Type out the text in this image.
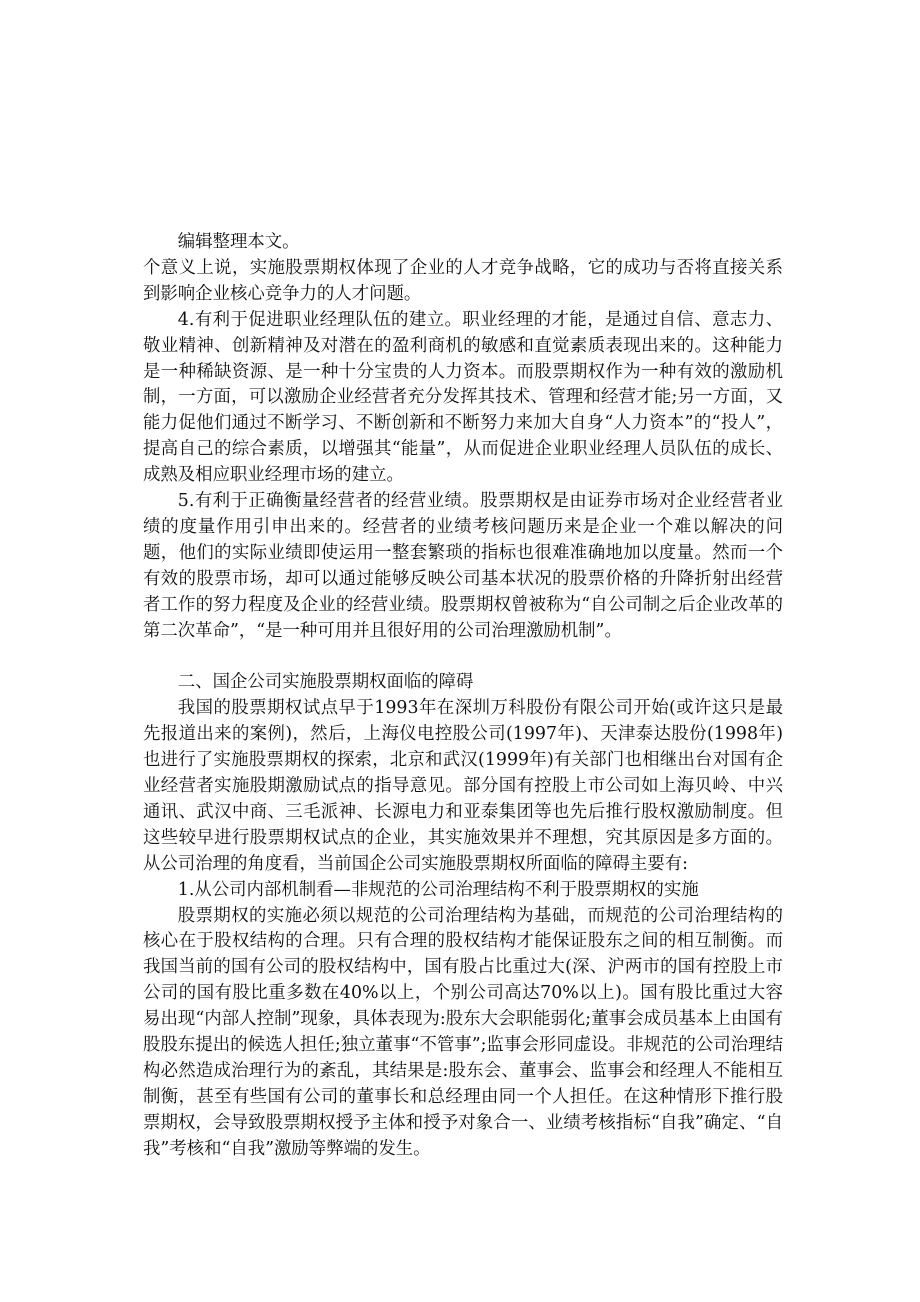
编辑整理本文。

个意义上说，实施股票期权体现了企业的人才竞争战略，它的成功与否将直接关系到影响企业核心竞争力的人才问题。

4.有利于促进职业经理队伍的建立。职业经理的才能，是通过自信、意志力、敬业精神、创新精神及对潜在的盈利商机的敏感和直觉素质表现出来的。这种能力是一种稀缺资源、是一种十分宝贵的人力资本。而股票期权作为一种有效的激励机制，一方面，可以激励企业经营者充分发挥其技术、管理和经营才能;另一方面，又能力促他们通过不断学习、不断创新和不断努力来加大自身“人力资本”的“投人”，提高自己的综合素质，以增强其“能量”，从而促进企业职业经理人员队伍的成长、成熟及相应职业经理市场的建立。

5.有利于正确衡量经营者的经营业绩。股票期权是由证券市场对企业经营者业绩的度量作用引申出来的。经营者的业绩考核问题历来是企业一个难以解决的问题，他们的实际业绩即使运用一整套繁琐的指标也很难准确地加以度量。然而一个有效的股票市场，却可以通过能够反映公司基本状况的股票价格的升降折射出经营者工作的努力程度及企业的经营业绩。股票期权曾被称为“自公司制之后企业改革的第二次革命”，“是一种可用并且很好用的公司治理激励机制”。

二、国企公司实施股票期权面临的障碍

我国的股票期权试点早于1993年在深圳万科股份有限公司开始(或许这只是最先报道出来的案例)，然后，上海仪电控股公司(1997年)、天津泰达股份(1998年)也进行了实施股票期权的探索，北京和武汉(1999年)有关部门也相继出台对国有企业经营者实施股期激励试点的指导意见。部分国有控股上市公司如上海贝岭、中兴通讯、武汉中商、三毛派神、长源电力和亚泰集团等也先后推行股权激励制度。但这些较早进行股票期权试点的企业，其实施效果并不理想，究其原因是多方面的。从公司治理的角度看，当前国企公司实施股票期权所面临的障碍主要有:

1.从公司内部机制看—非规范的公司治理结构不利于股票期权的实施

股票期权的实施必须以规范的公司治理结构为基础，而规范的公司治理结构的核心在于股权结构的合理。只有合理的股权结构才能保证股东之间的相互制衡。而我国当前的国有公司的股权结构中，国有股占比重过大(深、沪两市的国有控股上市公司的国有股比重多数在40%以上，个别公司高达70%以上)。国有股比重过大容易出现“内部人控制”现象，具体表现为:股东大会职能弱化;董事会成员基本上由国有股股东提出的候选人担任;独立董事“不管事”;监事会形同虚设。非规范的公司治理结构必然造成治理行为的紊乱，其结果是:股东会、董事会、监事会和经理人不能相互制衡，甚至有些国有公司的董事长和总经理由同一个人担任。在这种情形下推行股票期权，会导致股票期权授予主体和授予对象合一、业绩考核指标“自我”确定、“自我”考核和“自我”激励等弊端的发生。
